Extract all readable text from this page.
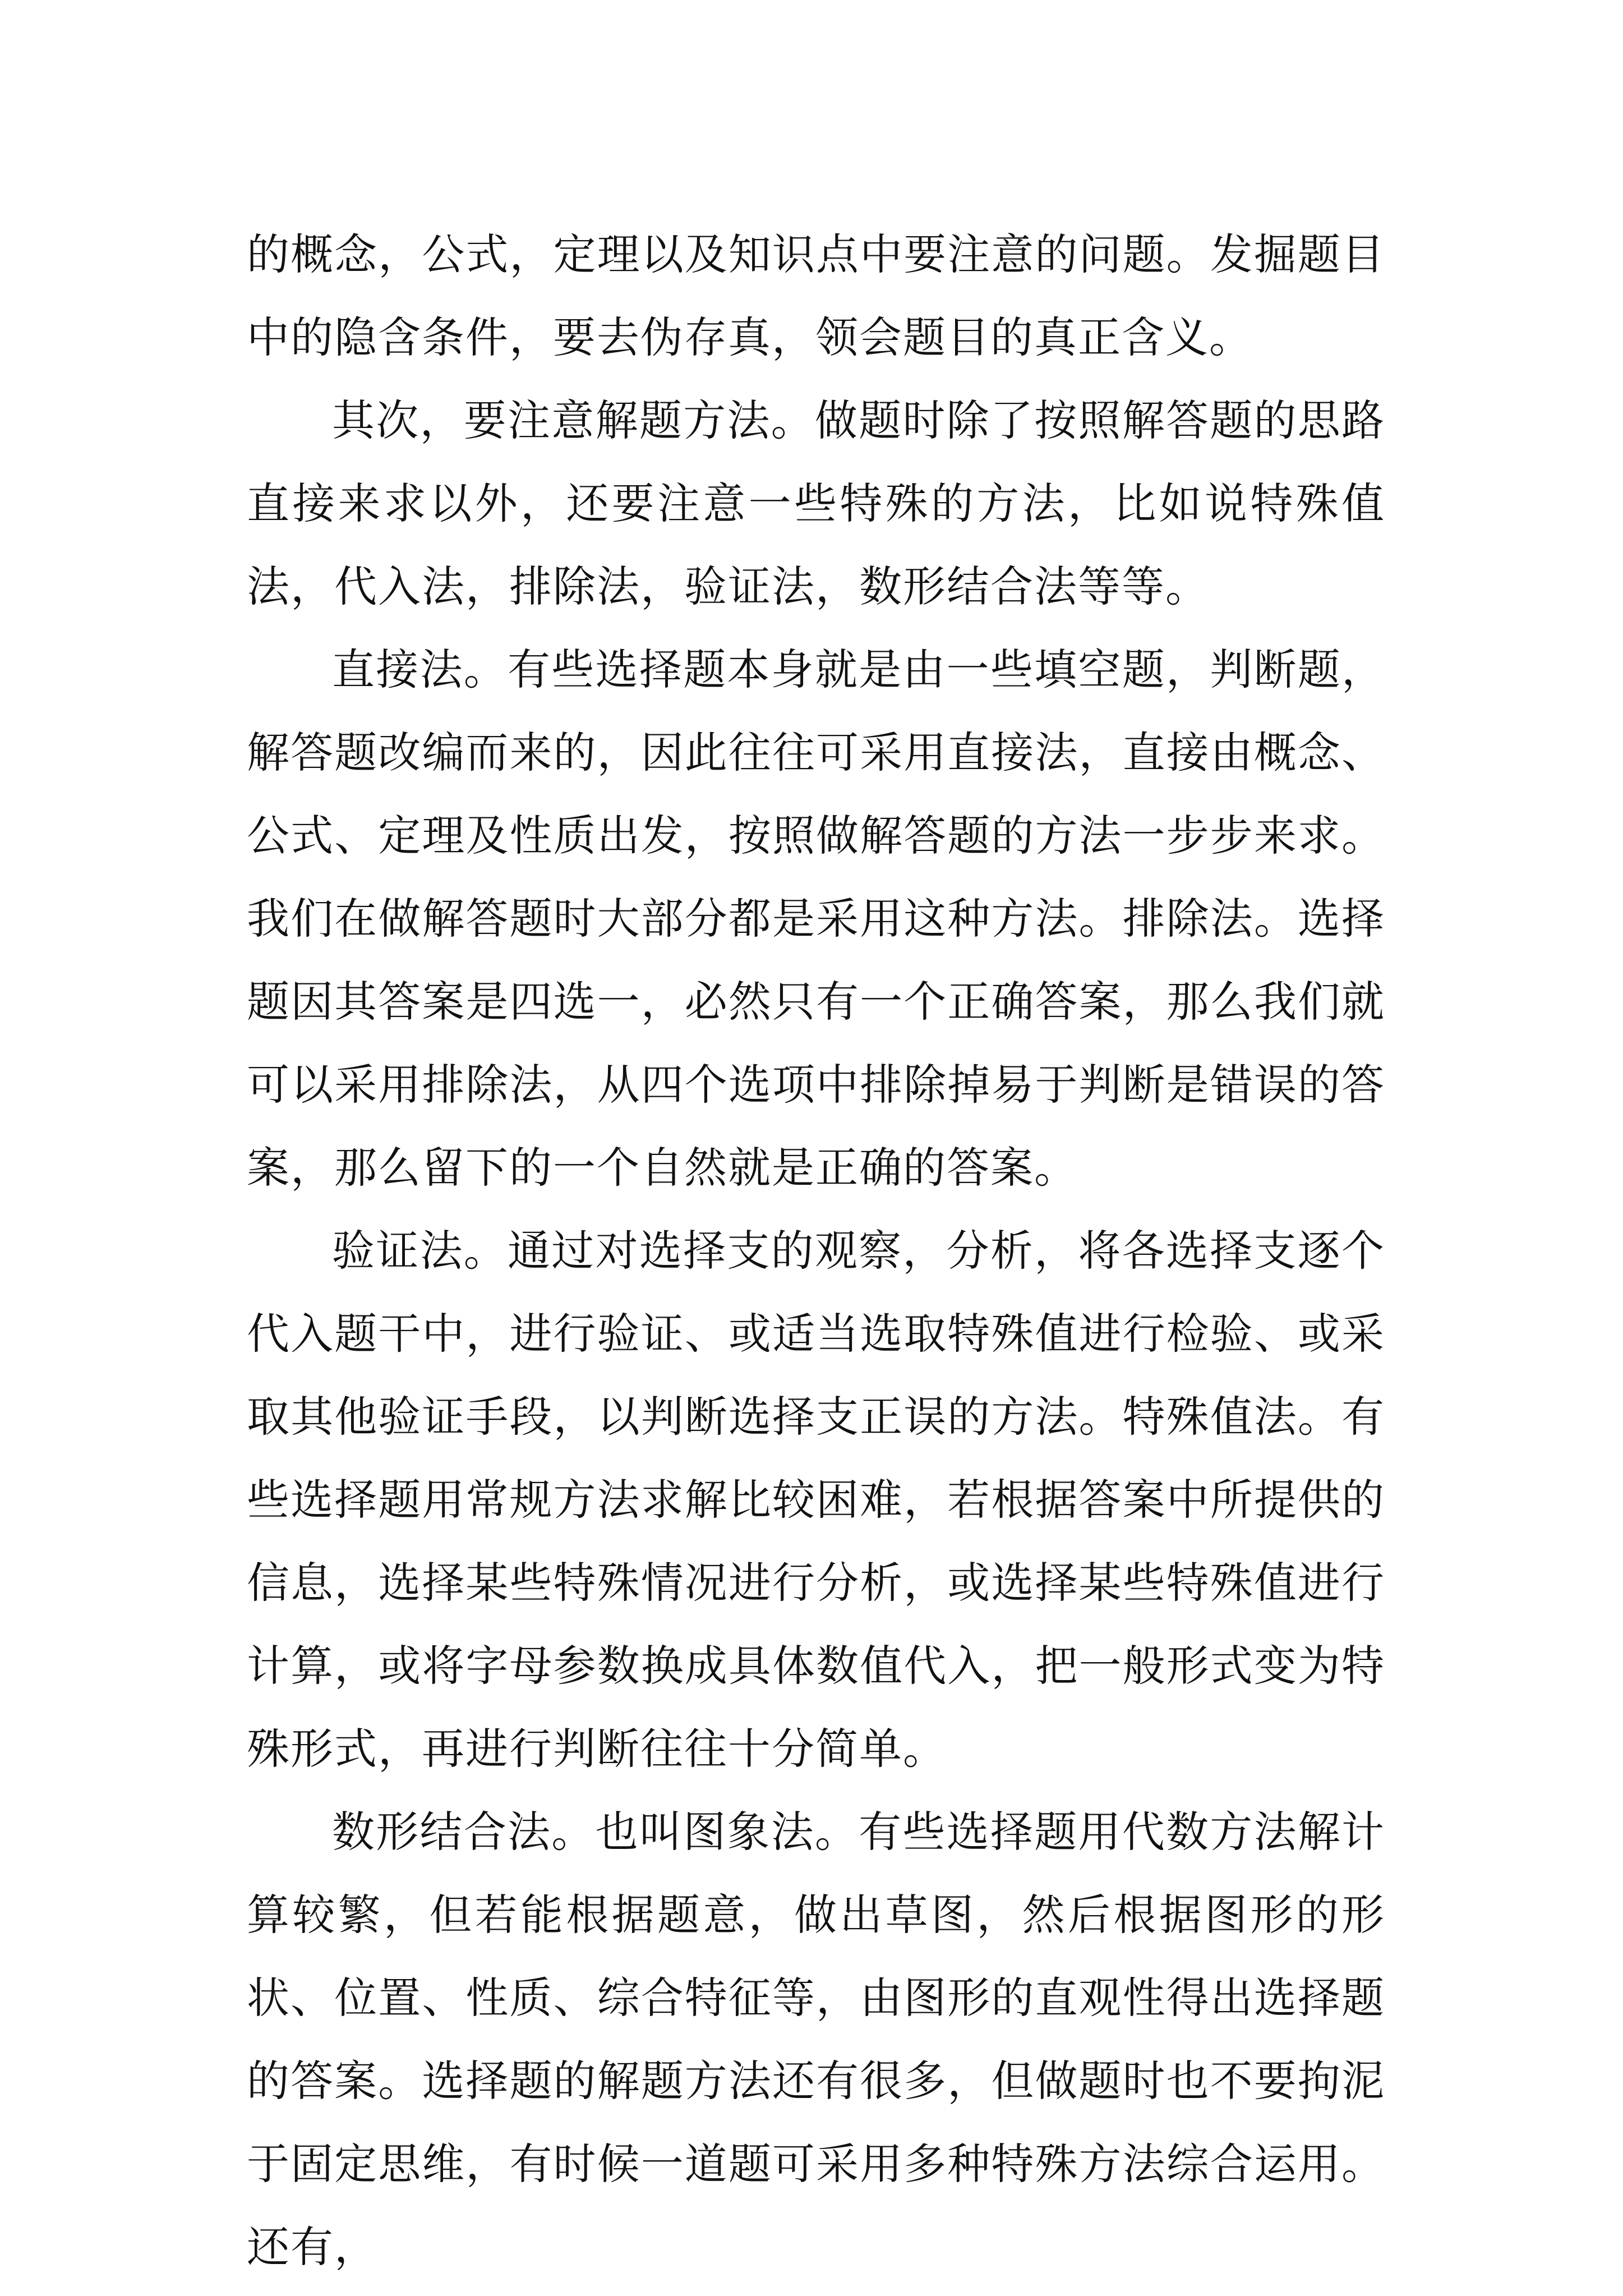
的概念，公式，定理以及知识点中要注意的问题。发掘题目中的隐含条件，要去伪存真，领会题目的真正含义。

其次，要注意解题方法。做题时除了按照解答题的思路直接来求以外，还要注意一些特殊的方法，比如说特殊值法，代入法，排除法，验证法，数形结合法等等。

直接法。有些选择题本身就是由一些填空题，判断题，解答题改编而来的，因此往往可采用直接法，直接由概念、公式、定理及性质出发，按照做解答题的方法一步步来求。我们在做解答题时大部分都是采用这种方法。排除法。选择题因其答案是四选一，必然只有一个正确答案，那么我们就可以采用排除法，从四个选项中排除掉易于判断是错误的答案，那么留下的一个自然就是正确的答案。

验证法。通过对选择支的观察，分析，将各选择支逐个代入题干中，进行验证、或适当选取特殊值进行检验、或采取其他验证手段，以判断选择支正误的方法。特殊值法。有些选择题用常规方法求解比较困难，若根据答案中所提供的信息，选择某些特殊情况进行分析，或选择某些特殊值进行计算，或将字母参数换成具体数值代入，把一般形式变为特殊形式，再进行判断往往十分简单。

数形结合法。也叫图象法。有些选择题用代数方法解计算较繁，但若能根据题意，做出草图，然后根据图形的形状、位置、性质、综合特征等，由图形的直观性得出选择题的答案。选择题的解题方法还有很多，但做题时也不要拘泥于固定思维，有时候一道题可采用多种特殊方法综合运用。还有，
